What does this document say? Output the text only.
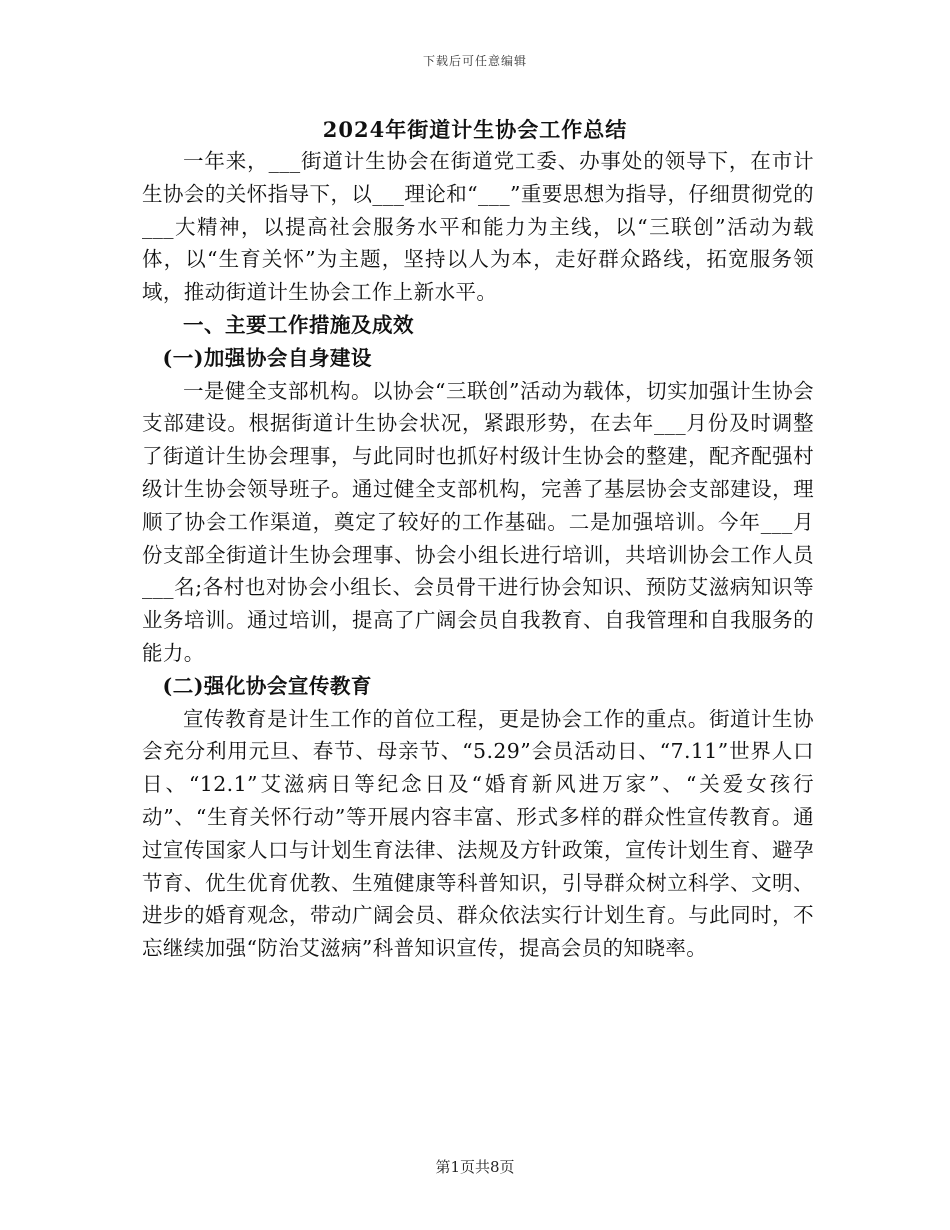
下载后可任意编辑
2024年街道计生协会工作总结

一年来，___街道计生协会在街道党工委、办事处的领导下，在市计生协会的关怀指导下，以___理论和“___”重要思想为指导，仔细贯彻党的___大精神，以提高社会服务水平和能力为主线，以“三联创”活动为载体，以“生育关怀”为主题，坚持以人为本，走好群众路线，拓宽服务领域，推动街道计生协会工作上新水平。

一、主要工作措施及成效
(一)加强协会自身建设

一是健全支部机构。以协会“三联创”活动为载体，切实加强计生协会支部建设。根据街道计生协会状况，紧跟形势，在去年___月份及时调整了街道计生协会理事，与此同时也抓好村级计生协会的整建，配齐配强村级计生协会领导班子。通过健全支部机构，完善了基层协会支部建设，理顺了协会工作渠道，奠定了较好的工作基础。二是加强培训。今年___月份支部全街道计生协会理事、协会小组长进行培训，共培训协会工作人员___名;各村也对协会小组长、会员骨干进行协会知识、预防艾滋病知识等业务培训。通过培训，提高了广阔会员自我教育、自我管理和自我服务的能力。

(二)强化协会宣传教育

宣传教育是计生工作的首位工程，更是协会工作的重点。街道计生协会充分利用元旦、春节、母亲节、“5.29”会员活动日、“7.11”世界人口日、“12.1”艾滋病日等纪念日及“婚育新风进万家”、“关爱女孩行动”、“生育关怀行动”等开展内容丰富、形式多样的群众性宣传教育。通过宣传国家人口与计划生育法律、法规及方针政策，宣传计划生育、避孕节育、优生优育优教、生殖健康等科普知识，引导群众树立科学、文明、进步的婚育观念，带动广阔会员、群众依法实行计划生育。与此同时，不忘继续加强“防治艾滋病”科普知识宣传，提高会员的知晓率。

第1页共8页
